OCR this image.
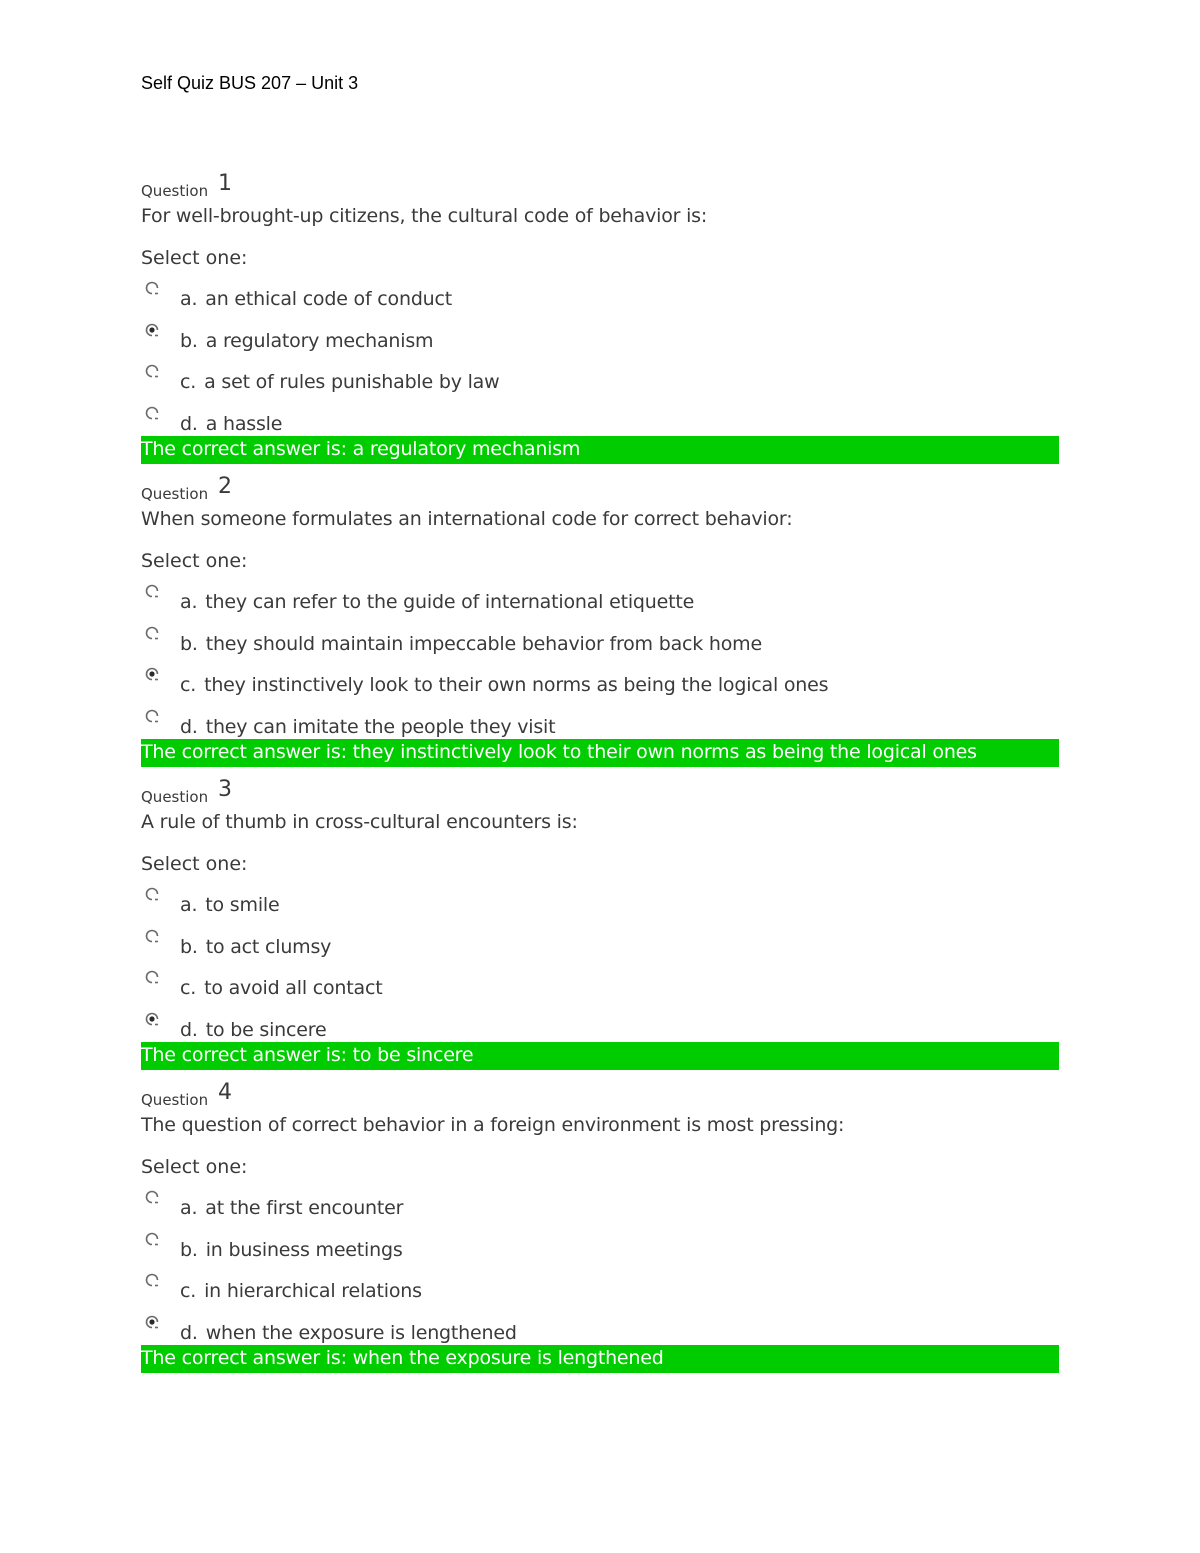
Self Quiz BUS 207 – Unit 3
Question 1
For well-brought-up citizens, the cultural code of behavior is:
Select one:
a. an ethical code of conduct
b. a regulatory mechanism
c. a set of rules punishable by law
d. a hassle
The correct answer is: a regulatory mechanism
Question 2
When someone formulates an international code for correct behavior:
Select one:
a. they can refer to the guide of international etiquette
b. they should maintain impeccable behavior from back home
c. they instinctively look to their own norms as being the logical ones
d. they can imitate the people they visit
The correct answer is: they instinctively look to their own norms as being the logical ones
Question 3
A rule of thumb in cross-cultural encounters is:
Select one:
a. to smile
b. to act clumsy
c. to avoid all contact
d. to be sincere
The correct answer is: to be sincere
Question 4
The question of correct behavior in a foreign environment is most pressing:
Select one:
a. at the first encounter
b. in business meetings
c. in hierarchical relations
d. when the exposure is lengthened
The correct answer is: when the exposure is lengthened
